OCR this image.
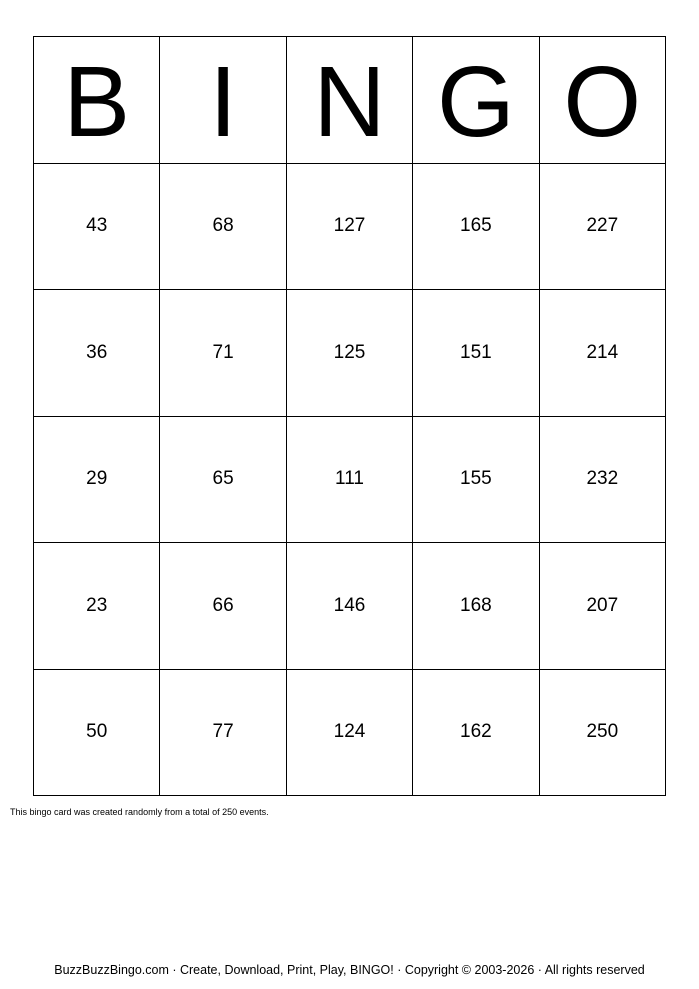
B I N G O
43	68	127	165	227
36	71	125	151	214
29	65	111	155	232
23	66	146	168	207
50	77	124	162	250
This bingo card was created randomly from a total of 250 events.
BuzzBuzzBingo.com · Create, Download, Print, Play, BINGO! · Copyright © 2003-2026 · All rights reserved
